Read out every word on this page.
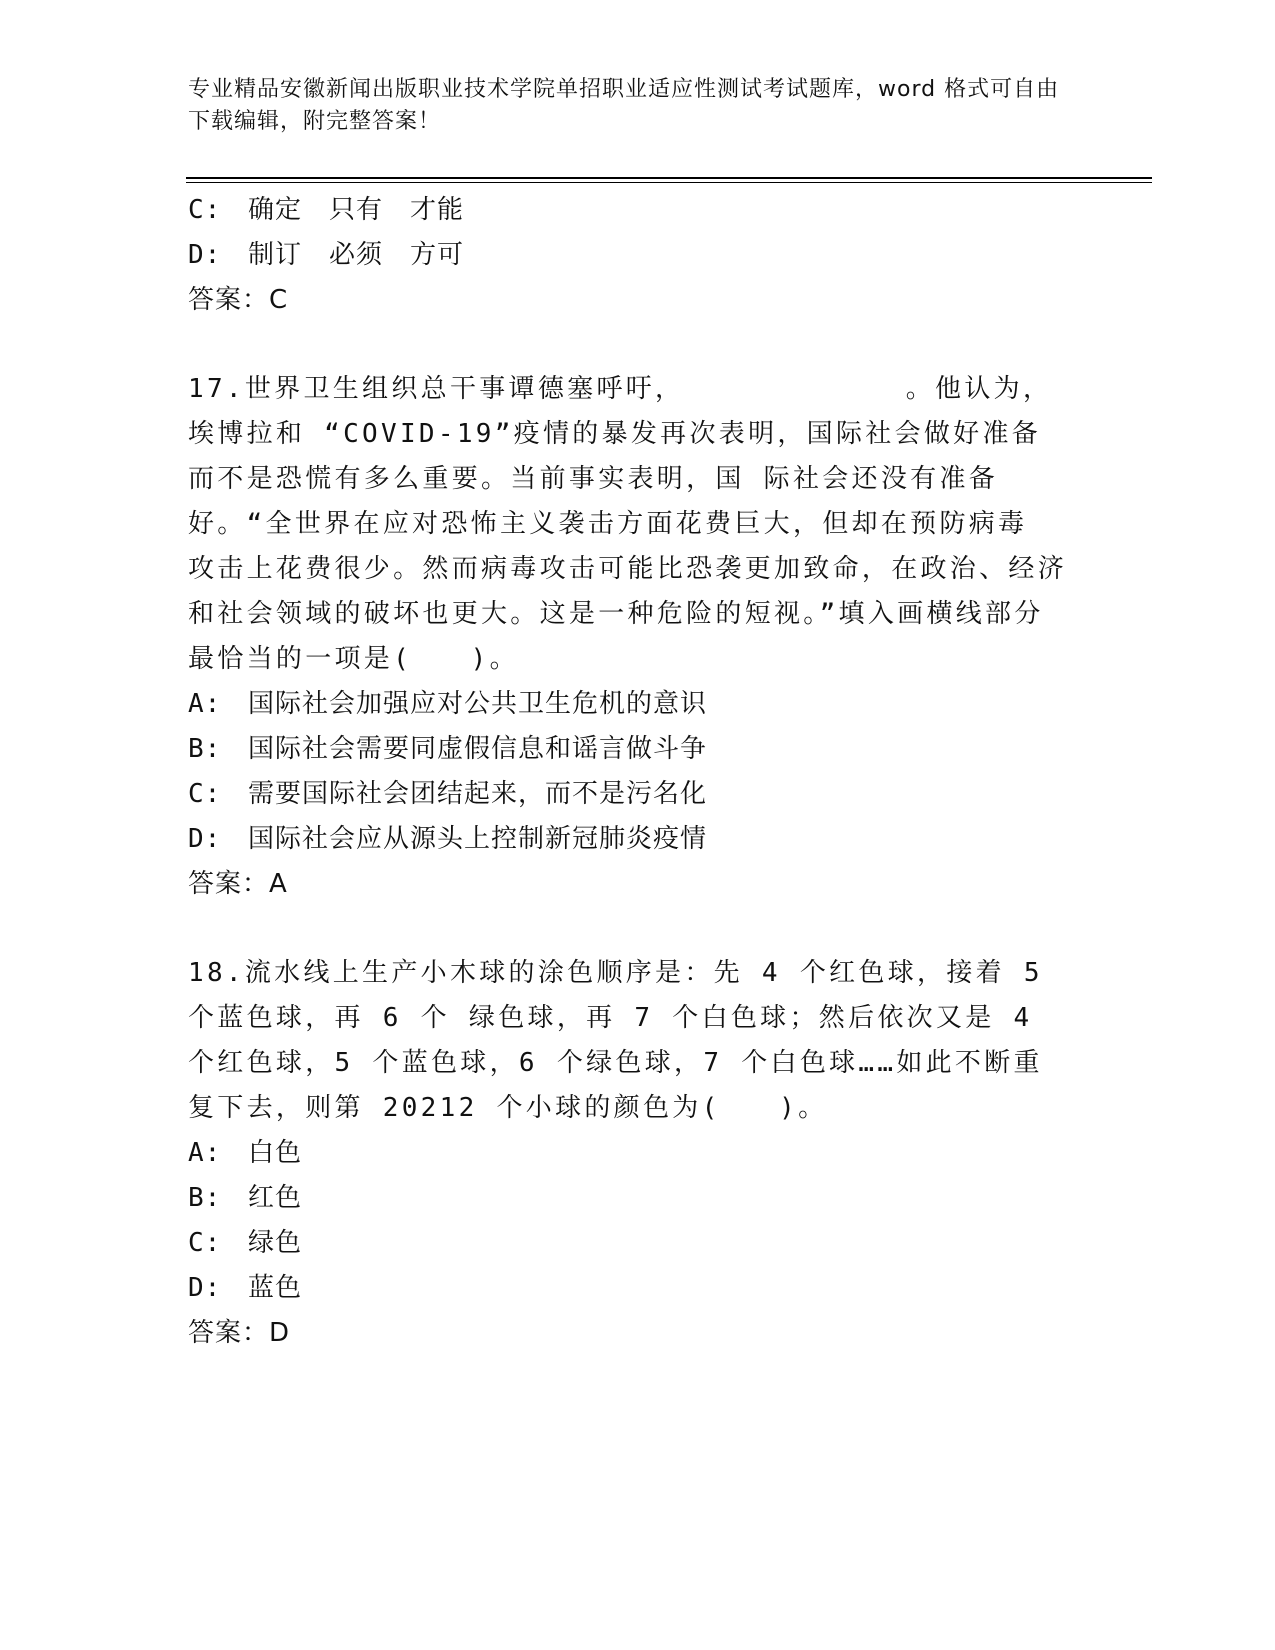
专业精品安徽新闻出版职业技术学院单招职业适应性测试考试题库，word 格式可自由下载编辑，附完整答案！
C:	确定　只有　才能
D:	制订　必须　方可
答案：C
17.世界卫生组织总干事谭德塞呼吁，　　　　　　　　。他认为，埃博拉和 “COVID-19”疫情的暴发再次表明，国际社会做好准备而不是恐慌有多么重要。当前事实表明，国 际社会还没有准备好。“全世界在应对恐怖主义袭击方面花费巨大，但却在预防病毒 攻击上花费很少。然而病毒攻击可能比恐袭更加致命，在政治、经济和社会领域的破坏也更大。这是一种危险的短视。”填入画横线部分最恰当的一项是(　　)。
A:	国际社会加强应对公共卫生危机的意识
B:	国际社会需要同虚假信息和谣言做斗争
C:	需要国际社会团结起来，而不是污名化
D:	国际社会应从源头上控制新冠肺炎疫情
答案：A
18.流水线上生产小木球的涂色顺序是：先 4 个红色球，接着 5 个蓝色球，再 6 个 绿色球，再 7 个白色球；然后依次又是 4 个红色球，5 个蓝色球，6 个绿色球，7 个白色球……如此不断重复下去，则第 20212 个小球的颜色为(　　)。
A:	白色
B:	红色
C:	绿色
D:	蓝色
答案：D
